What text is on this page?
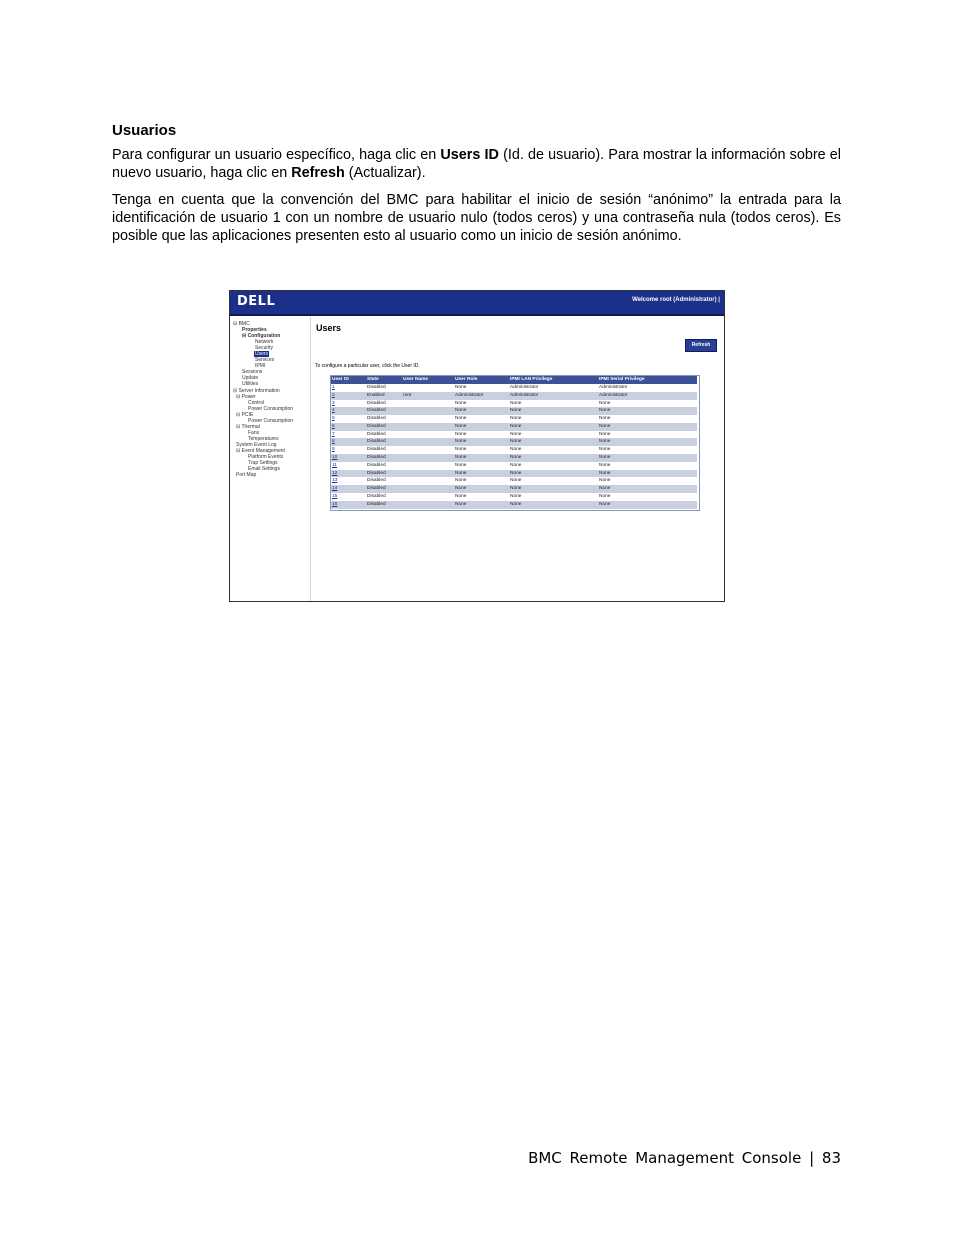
Usuarios
Para configurar un usuario específico, haga clic en Users ID (Id. de usuario). Para mostrar la información sobre el nuevo usuario, haga clic en Refresh (Actualizar).
Tenga en cuenta que la convención del BMC para habilitar el inicio de sesión “anónimo” la entrada para la identificación de usuario 1 con un nombre de usuario nulo (todos ceros) y una contraseña nula (todos ceros). Es posible que las aplicaciones presenten esto al usuario como un inicio de sesión anónimo.
DELL	Welcome root (Administrator) |
⊟ BMC
Properties
⊟ Configuration
Network
Security
Users
Services
IPMI
Sessions
Update
Utilities
⊟ Server Information
⊟ Power
Control
Power Consumption
⊟ PCIE
Power Consumption
⊟ Thermal
Fans
Temperatures
System Event Log
⊟ Event Management
Platform Events
Trap Settings
Email Settings
Port Map
Users
Refresh
To configure a particular user, click the User ID.
User ID	State	User Name	User Role	IPMI LAN Privilege	IPMI Serial Privilege
1	Disabled		None	Administrator	Administrator
2	Enabled	root	Administrator	Administrator	Administrator
3	Disabled		None	None	None
4	Disabled		None	None	None
5	Disabled		None	None	None
6	Disabled		None	None	None
7	Disabled		None	None	None
8	Disabled		None	None	None
9	Disabled		None	None	None
10	Disabled		None	None	None
11	Disabled		None	None	None
12	Disabled		None	None	None
13	Disabled		None	None	None
14	Disabled		None	None	None
15	Disabled		None	None	None
16	Disabled		None	None	None
BMC Remote Management Console | 83
